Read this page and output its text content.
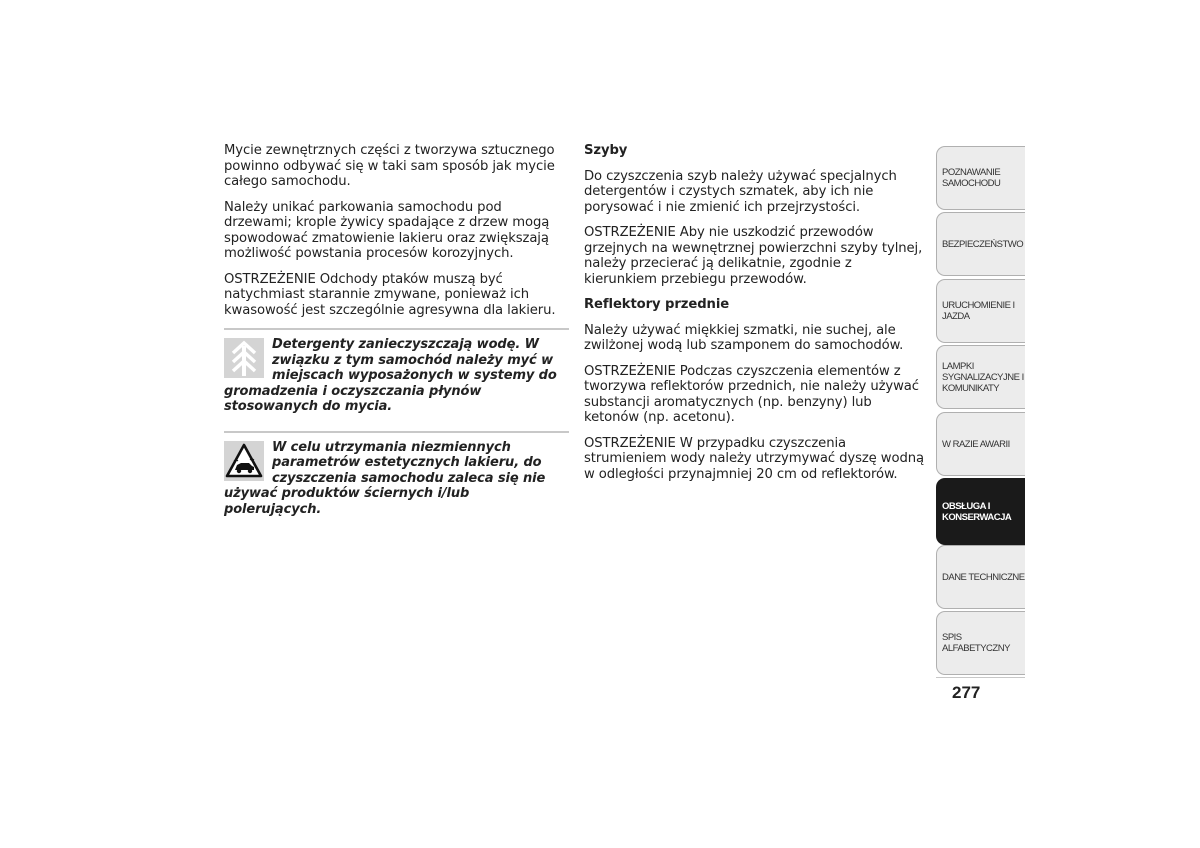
Mycie zewnętrznych części z tworzywa sztucznego powinno odbywać się w taki sam sposób jak mycie całego samochodu.

Należy unikać parkowania samochodu pod drzewami; krople żywicy spadające z drzew mogą spowodować zmatowienie lakieru oraz zwiększają możliwość powstania procesów korozyjnych.

OSTRZEŻENIE Odchody ptaków muszą być natychmiast starannie zmywane, ponieważ ich kwasowość jest szczególnie agresywna dla lakieru.

Detergenty zanieczyszczają wodę. W związku z tym samochód należy myć w miejscach wyposażonych w systemy do gromadzenia i oczyszczania płynów stosowanych do mycia.

W celu utrzymania niezmiennych parametrów estetycznych lakieru, do czyszczenia samochodu zaleca się nie używać produktów ściernych i/lub polerujących.

Szyby

Do czyszczenia szyb należy używać specjalnych detergentów i czystych szmatek, aby ich nie porysować i nie zmienić ich przejrzystości.

OSTRZEŻENIE Aby nie uszkodzić przewodów grzejnych na wewnętrznej powierzchni szyby tylnej, należy przecierać ją delikatnie, zgodnie z kierunkiem przebiegu przewodów.

Reflektory przednie

Należy używać miękkiej szmatki, nie suchej, ale zwilżonej wodą lub szamponem do samochodów.

OSTRZEŻENIE Podczas czyszczenia elementów z tworzywa reflektorów przednich, nie należy używać substancji aromatycznych (np. benzyny) lub ketonów (np. acetonu).

OSTRZEŻENIE W przypadku czyszczenia strumieniem wody należy utrzymywać dyszę wodną w odległości przynajmniej 20 cm od reflektorów.

POZNAWANIE SAMOCHODU
BEZPIECZEŃSTWO
URUCHOMIENIE I JAZDA
LAMPKI SYGNALIZACYJNE I KOMUNIKATY
W RAZIE AWARII
OBSŁUGA I KONSERWACJA
DANE TECHNICZNE
SPIS ALFABETYCZNY
277
